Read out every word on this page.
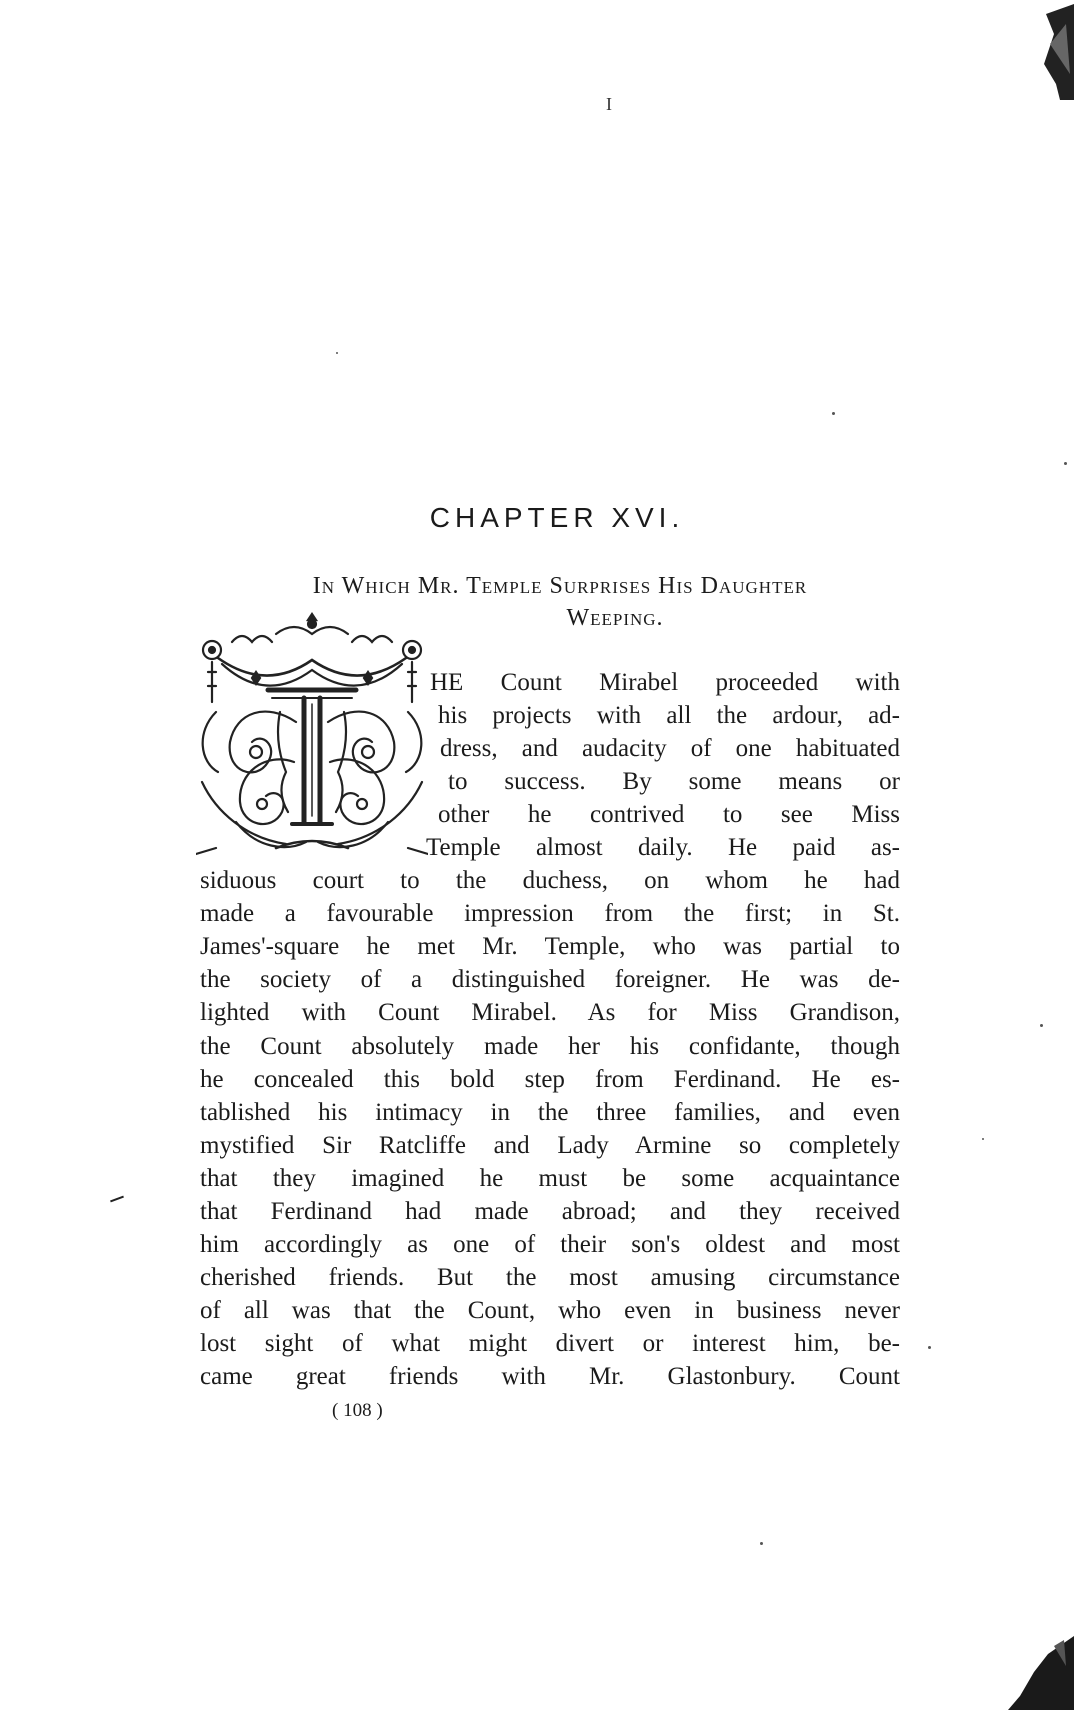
I
CHAPTER XVI.
In Which Mr. Temple Surprises His Daughter
Weeping.
HE Count Mirabel proceeded with
his projects with all the ardour, ad-
dress, and audacity of one habituated
to success. By some means or
other he contrived to see Miss
Temple almost daily. He paid as-
siduous court to the duchess, on whom he had
made a favourable impression from the first; in St.
James'-square he met Mr. Temple, who was partial to
the society of a distinguished foreigner. He was de-
lighted with Count Mirabel. As for Miss Grandison,
the Count absolutely made her his confidante, though
he concealed this bold step from Ferdinand. He es-
tablished his intimacy in the three families, and even
mystified Sir Ratcliffe and Lady Armine so completely
that they imagined he must be some acquaintance
that Ferdinand had made abroad; and they received
him accordingly as one of their son's oldest and most
cherished friends. But the most amusing circumstance
of all was that the Count, who even in business never
lost sight of what might divert or interest him, be-
came great friends with Mr. Glastonbury. Count
( 108 )
